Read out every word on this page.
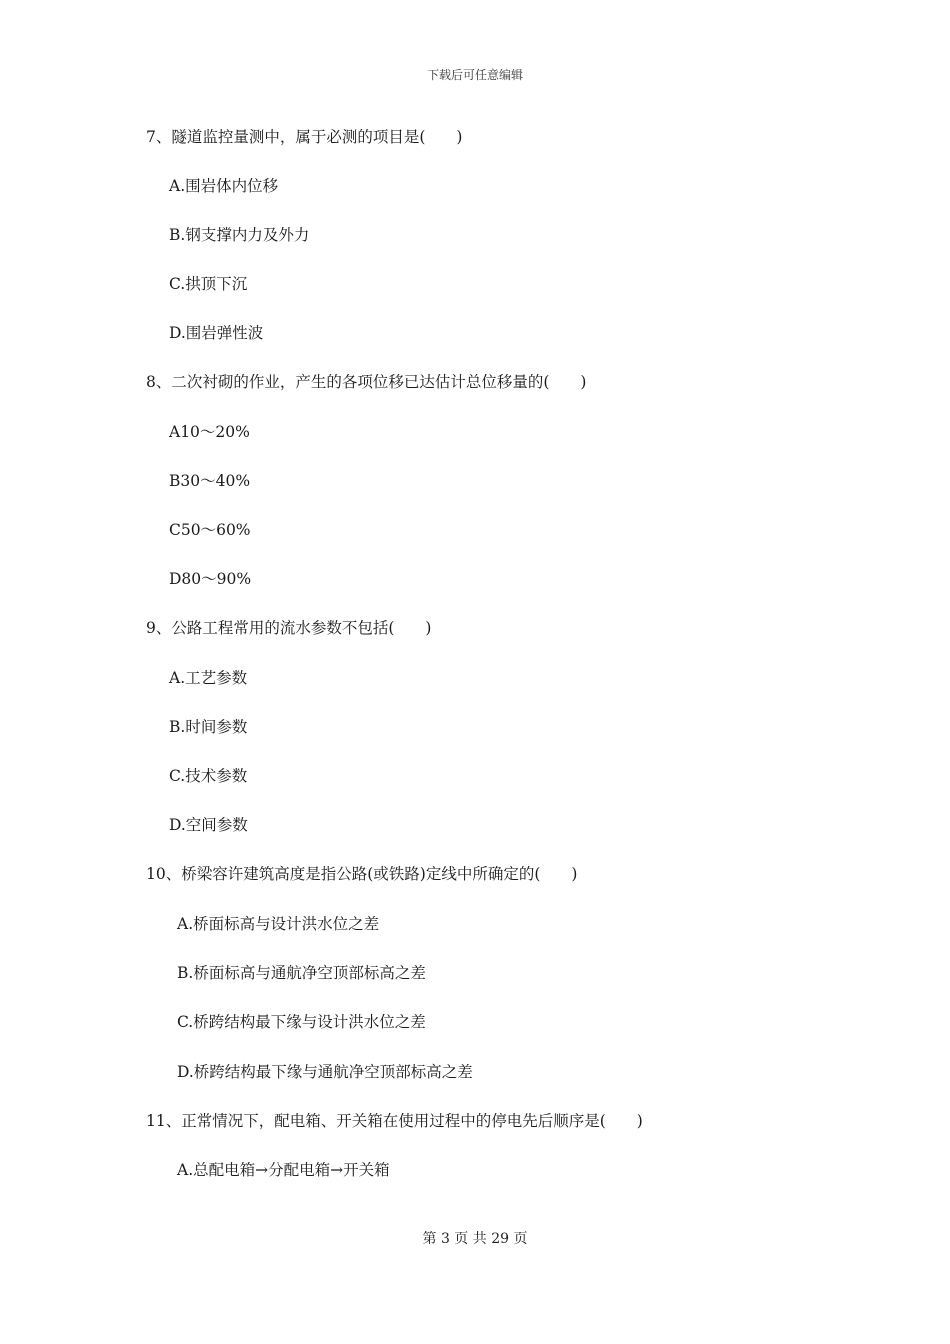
下载后可任意编辑
7、隧道监控量测中，属于必测的项目是(　　)
A.围岩体内位移
B.钢支撑内力及外力
C.拱顶下沉
D.围岩弹性波
8、二次衬砌的作业，产生的各项位移已达估计总位移量的(　　)
A10～20%
B30～40%
C50～60%
D80～90%
9、公路工程常用的流水参数不包括(　　)
A.工艺参数
B.时间参数
C.技术参数
D.空间参数
10、桥梁容许建筑高度是指公路(或铁路)定线中所确定的(　　)
A.桥面标高与设计洪水位之差
B.桥面标高与通航净空顶部标高之差
C.桥跨结构最下缘与设计洪水位之差
D.桥跨结构最下缘与通航净空顶部标高之差
11、正常情况下，配电箱、开关箱在使用过程中的停电先后顺序是(　　)
A.总配电箱→分配电箱→开关箱
第 3 页 共 29 页
